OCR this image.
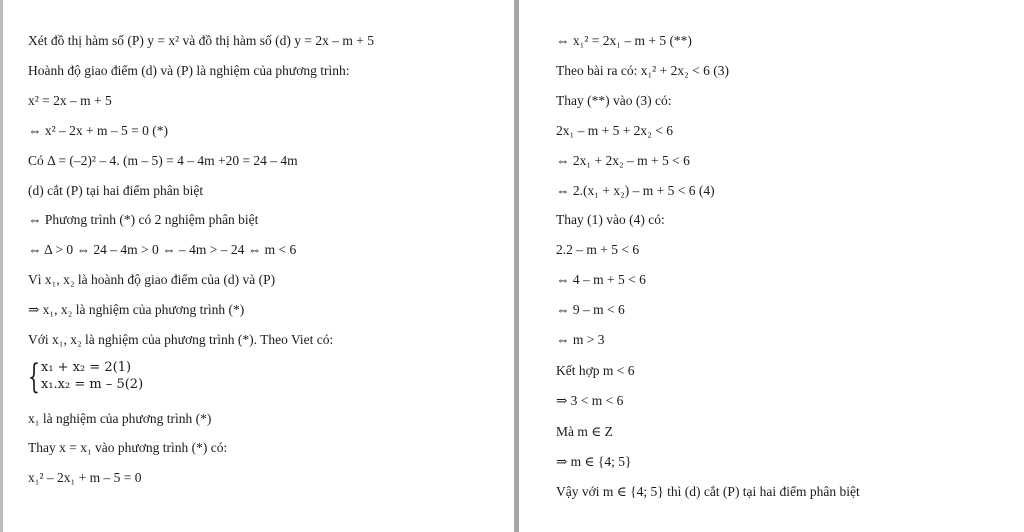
Xét đồ thị hàm số (P) y = x² và đồ thị hàm số (d) y = 2x – m + 5
Hoành độ giao điểm (d) và (P) là nghiệm của phương trình:
x² = 2x – m + 5
⇔ x² – 2x + m – 5 = 0 (*)
Có Δ = (–2)² – 4. (m – 5) = 4 – 4m +20 = 24 – 4m
(d) cắt (P) tại hai điểm phân biệt
⇔ Phương trình (*) có 2 nghiệm phân biệt
⇔ Δ > 0 ⇔ 24 – 4m > 0 ⇔ – 4m > – 24 ⇔ m < 6
Vì x₁, x₂ là hoành độ giao điểm của (d) và (P)
⇒ x₁, x₂ là nghiệm của phương trình (*)
Với x₁, x₂ là nghiệm của phương trình (*). Theo Viet có:
{ x₁ + x₂ = 2(1)
x₁.x₂ = m – 5(2)
x₁ là nghiệm của phương trình (*)
Thay x = x₁ vào phương trình (*) có:
x₁² – 2x₁ + m – 5 = 0
⇔ x₁² = 2x₁ – m + 5 (**)
Theo bài ra có: x₁² + 2x₂ < 6 (3)
Thay (**) vào (3) có:
2x₁ – m + 5 + 2x₂ < 6
⇔ 2x₁ + 2x₂ – m + 5 < 6
⇔ 2.(x₁ + x₂) – m + 5 < 6 (4)
Thay (1) vào (4) có:
2.2 – m + 5 < 6
⇔ 4 – m + 5 < 6
⇔ 9 – m < 6
⇔ m > 3
Kết hợp m < 6
⇒ 3 < m < 6
Mà m ∈ Z
⇒ m ∈ {4; 5}
Vậy với m ∈ {4; 5} thì (d) cắt (P) tại hai điểm phân biệt
